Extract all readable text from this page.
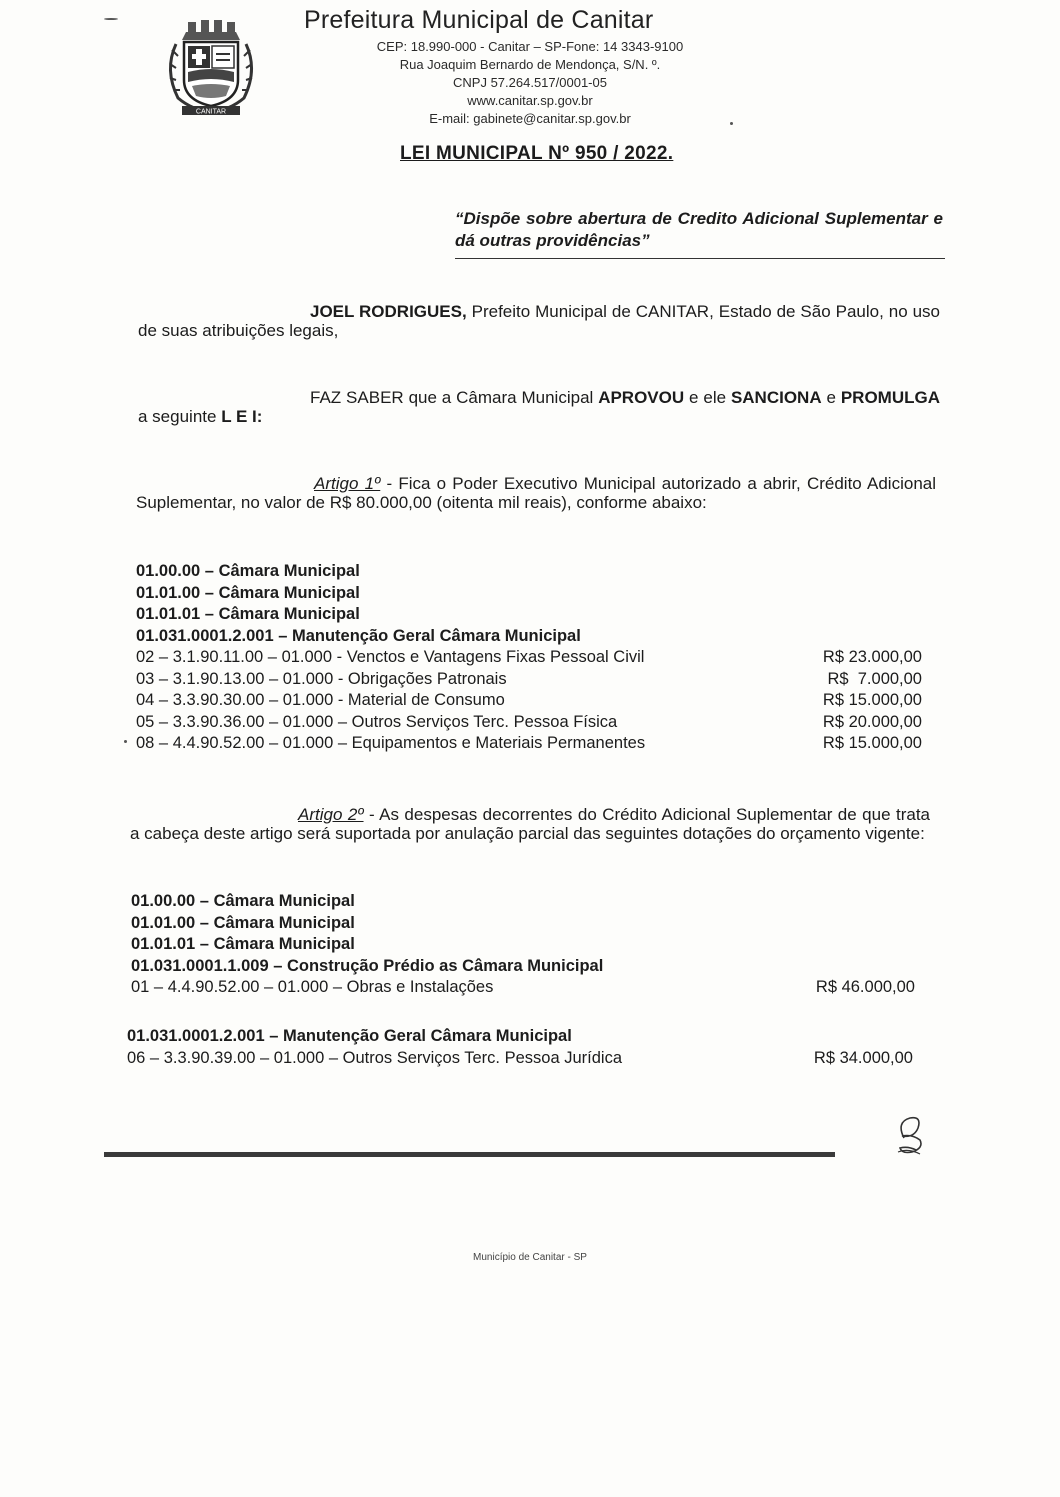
CANITAR
Prefeitura Municipal de Canitar
CEP: 18.990-000 - Canitar – SP-Fone: 14 3343-9100
Rua Joaquim Bernardo de Mendonça, S/N. º.
CNPJ 57.264.517/0001-05
www.canitar.sp.gov.br
E-mail: gabinete@canitar.sp.gov.br
LEI MUNICIPAL Nº 950 / 2022.
“Dispõe sobre abertura de Credito Adicional Suplementar e dá outras providências”
JOEL RODRIGUES, Prefeito Municipal de CANITAR, Estado de São Paulo, no uso de suas atribuições legais,
FAZ SABER que a Câmara Municipal APROVOU e ele SANCIONA e PROMULGA a seguinte L E I:
Artigo 1º - Fica o Poder Executivo Municipal autorizado a abrir, Crédito Adicional Suplementar, no valor de R$ 80.000,00 (oitenta mil reais), conforme abaixo:
01.00.00 – Câmara Municipal
01.01.00 – Câmara Municipal
01.01.01 – Câmara Municipal
01.031.0001.2.001 – Manutenção Geral Câmara Municipal
02 – 3.1.90.11.00 – 01.000 - Venctos e Vantagens Fixas Pessoal Civil	R$ 23.000,00
03 – 3.1.90.13.00 – 01.000 - Obrigações Patronais	R$  7.000,00
04 – 3.3.90.30.00 – 01.000 - Material de Consumo	R$ 15.000,00
05 – 3.3.90.36.00 – 01.000 – Outros Serviços Terc. Pessoa Física	R$ 20.000,00
08 – 4.4.90.52.00 – 01.000 – Equipamentos e Materiais Permanentes	R$ 15.000,00
Artigo 2º - As despesas decorrentes do Crédito Adicional Suplementar de que trata a cabeça deste artigo será suportada por anulação parcial das seguintes dotações do orçamento vigente:
01.00.00 – Câmara Municipal
01.01.00 – Câmara Municipal
01.01.01 – Câmara Municipal
01.031.0001.1.009 – Construção Prédio as Câmara Municipal
01 – 4.4.90.52.00 – 01.000 – Obras e Instalações	R$ 46.000,00
01.031.0001.2.001 – Manutenção Geral Câmara Municipal
06 – 3.3.90.39.00 – 01.000 – Outros Serviços Terc. Pessoa Jurídica	R$ 34.000,00
Município de Canitar - SP
